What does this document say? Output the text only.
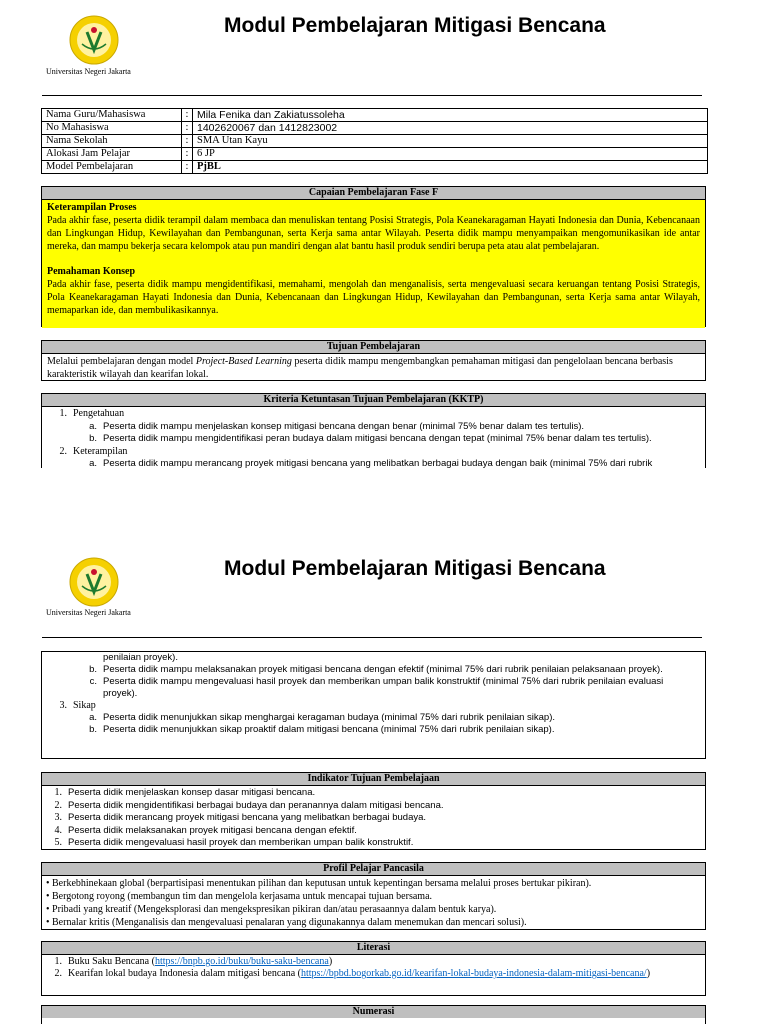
Universitas Negeri Jakarta
Modul Pembelajaran Mitigasi Bencana
Nama Guru/Mahasiswa	:	Mila Fenika dan Zakiatussoleha
No Mahasiswa	:	1402620067 dan 1412823002
Nama Sekolah	:	SMA Utan Kayu
Alokasi Jam Pelajar	:	6 JP
Model Pembelajaran	:	PjBL
Capaian Pembelajaran Fase F
Keterampilan Proses
Pada akhir fase, peserta didik terampil dalam membaca dan menuliskan tentang Posisi Strategis, Pola Keanekaragaman Hayati Indonesia dan Dunia, Kebencanaan dan Lingkungan Hidup, Kewilayahan dan Pembangunan, serta Kerja sama antar Wilayah. Peserta didik mampu menyampaikan mengomunikasikan ide antar mereka, dan mampu bekerja secara kelompok atau pun mandiri dengan alat bantu hasil produk sendiri berupa peta atau alat pembelajaran.
Pemahaman Konsep
Pada akhir fase, peserta didik mampu mengidentifikasi, memahami, mengolah dan menganalisis, serta mengevaluasi secara keruangan tentang Posisi Strategis, Pola Keanekaragaman Hayati Indonesia dan Dunia, Kebencanaan dan Lingkungan Hidup, Kewilayahan dan Pembangunan, serta Kerja sama antar Wilayah, memaparkan ide, dan membulikasikannya.
Tujuan Pembelajaran
Melalui pembelajaran dengan model Project-Based Learning peserta didik mampu mengembangkan pemahaman mitigasi dan pengelolaan bencana berbasis karakteristik wilayah dan kearifan lokal.
Kriteria Ketuntasan Tujuan Pembelajaran (KKTP)
1. Pengetahuan
a. Peserta didik mampu menjelaskan konsep mitigasi bencana dengan benar (minimal 75% benar dalam tes tertulis).
b. Peserta didik mampu mengidentifikasi peran budaya dalam mitigasi bencana dengan tepat (minimal 75% benar dalam tes tertulis).
2. Keterampilan
a. Peserta didik mampu merancang proyek mitigasi bencana yang melibatkan berbagai budaya dengan baik (minimal 75% dari rubrik
Universitas Negeri Jakarta
Modul Pembelajaran Mitigasi Bencana
penilaian proyek).
b. Peserta didik mampu melaksanakan proyek mitigasi bencana dengan efektif (minimal 75% dari rubrik penilaian pelaksanaan proyek).
c. Peserta didik mampu mengevaluasi hasil proyek dan memberikan umpan balik konstruktif (minimal 75% dari rubrik penilaian evaluasi proyek).
3. Sikap
a. Peserta didik menunjukkan sikap menghargai keragaman budaya (minimal 75% dari rubrik penilaian sikap).
b. Peserta didik menunjukkan sikap proaktif dalam mitigasi bencana (minimal 75% dari rubrik penilaian sikap).
Indikator Tujuan Pembelajaan
1. Peserta didik menjelaskan konsep dasar mitigasi bencana.
2. Peserta didik mengidentifikasi berbagai budaya dan peranannya dalam mitigasi bencana.
3. Peserta didik merancang proyek mitigasi bencana yang melibatkan berbagai budaya.
4. Peserta didik melaksanakan proyek mitigasi bencana dengan efektif.
5. Peserta didik mengevaluasi hasil proyek dan memberikan umpan balik konstruktif.
Profil Pelajar Pancasila
• Berkebhinekaan global (berpartisipasi menentukan pilihan dan keputusan untuk kepentingan bersama melalui proses bertukar pikiran).
• Bergotong royong (membangun tim dan mengelola kerjasama untuk mencapai tujuan bersama.
• Pribadi yang kreatif (Mengeksplorasi dan mengekspresikan pikiran dan/atau perasaannya dalam bentuk karya).
• Bernalar kritis (Menganalisis dan mengevaluasi penalaran yang digunakannya dalam menemukan dan mencari solusi).
Literasi
1. Buku Saku Bencana (https://bnpb.go.id/buku/buku-saku-bencana)
2. Kearifan lokal budaya Indonesia dalam mitigasi bencana (https://bpbd.bogorkab.go.id/kearifan-lokal-budaya-indonesia-dalam-mitigasi-bencana/)
Numerasi
